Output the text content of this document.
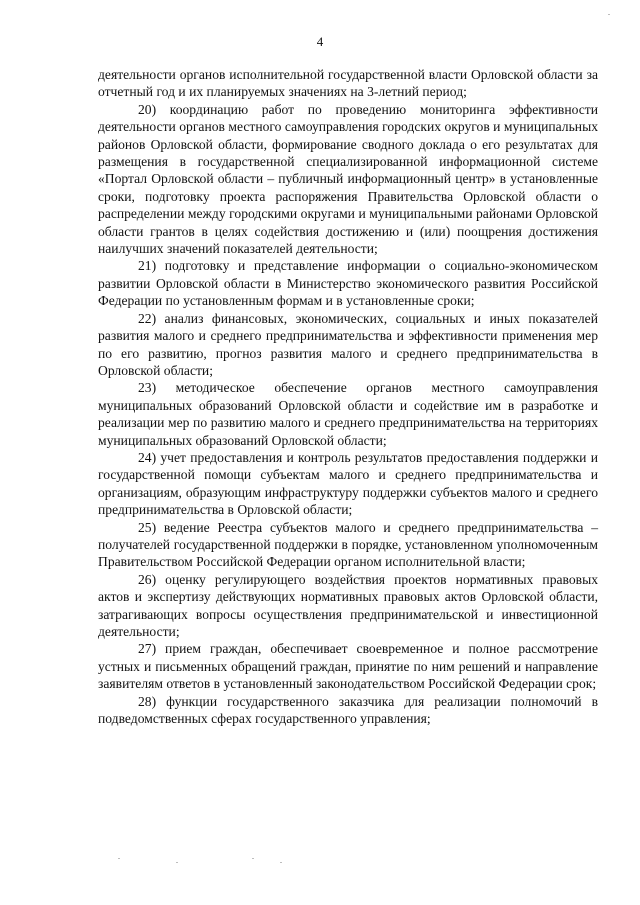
4

деятельности органов исполнительной государственной власти Орловской области за отчетный год и их планируемых значениях на 3-летний период;

20) координацию работ по проведению мониторинга эффективности деятельности органов местного самоуправления городских округов и муниципальных районов Орловской области, формирование сводного доклада о его результатах для размещения в государственной специализированной информационной системе «Портал Орловской области – публичный информационный центр» в установленные сроки, подготовку проекта распоряжения Правительства Орловской области о распределении между городскими округами и муниципальными районами Орловской области грантов в целях содействия достижению и (или) поощрения достижения наилучших значений показателей деятельности;

21) подготовку и представление информации о социально-экономическом развитии Орловской области в Министерство экономического развития Российской Федерации по установленным формам и в установленные сроки;

22) анализ финансовых, экономических, социальных и иных показателей развития малого и среднего предпринимательства и эффективности применения мер по его развитию, прогноз развития малого и среднего предпринимательства в Орловской области;

23) методическое обеспечение органов местного самоуправления муниципальных образований Орловской области и содействие им в разработке и реализации мер по развитию малого и среднего предпринимательства на территориях муниципальных образований Орловской области;

24) учет предоставления и контроль результатов предоставления поддержки и государственной помощи субъектам малого и среднего предпринимательства и организациям, образующим инфраструктуру поддержки субъектов малого и среднего предпринимательства в Орловской области;

25) ведение Реестра субъектов малого и среднего предпринимательства – получателей государственной поддержки в порядке, установленном уполномоченным Правительством Российской Федерации органом исполнительной власти;

26) оценку регулирующего воздействия проектов нормативных правовых актов и экспертизу действующих нормативных правовых актов Орловской области, затрагивающих вопросы осуществления предпринимательской и инвестиционной деятельности;

27) прием граждан, обеспечивает своевременное и полное рассмотрение устных и письменных обращений граждан, принятие по ним решений и направление заявителям ответов в установленный законодательством Российской Федерации срок;

28) функции государственного заказчика для реализации полномочий в подведомственных сферах государственного управления;
